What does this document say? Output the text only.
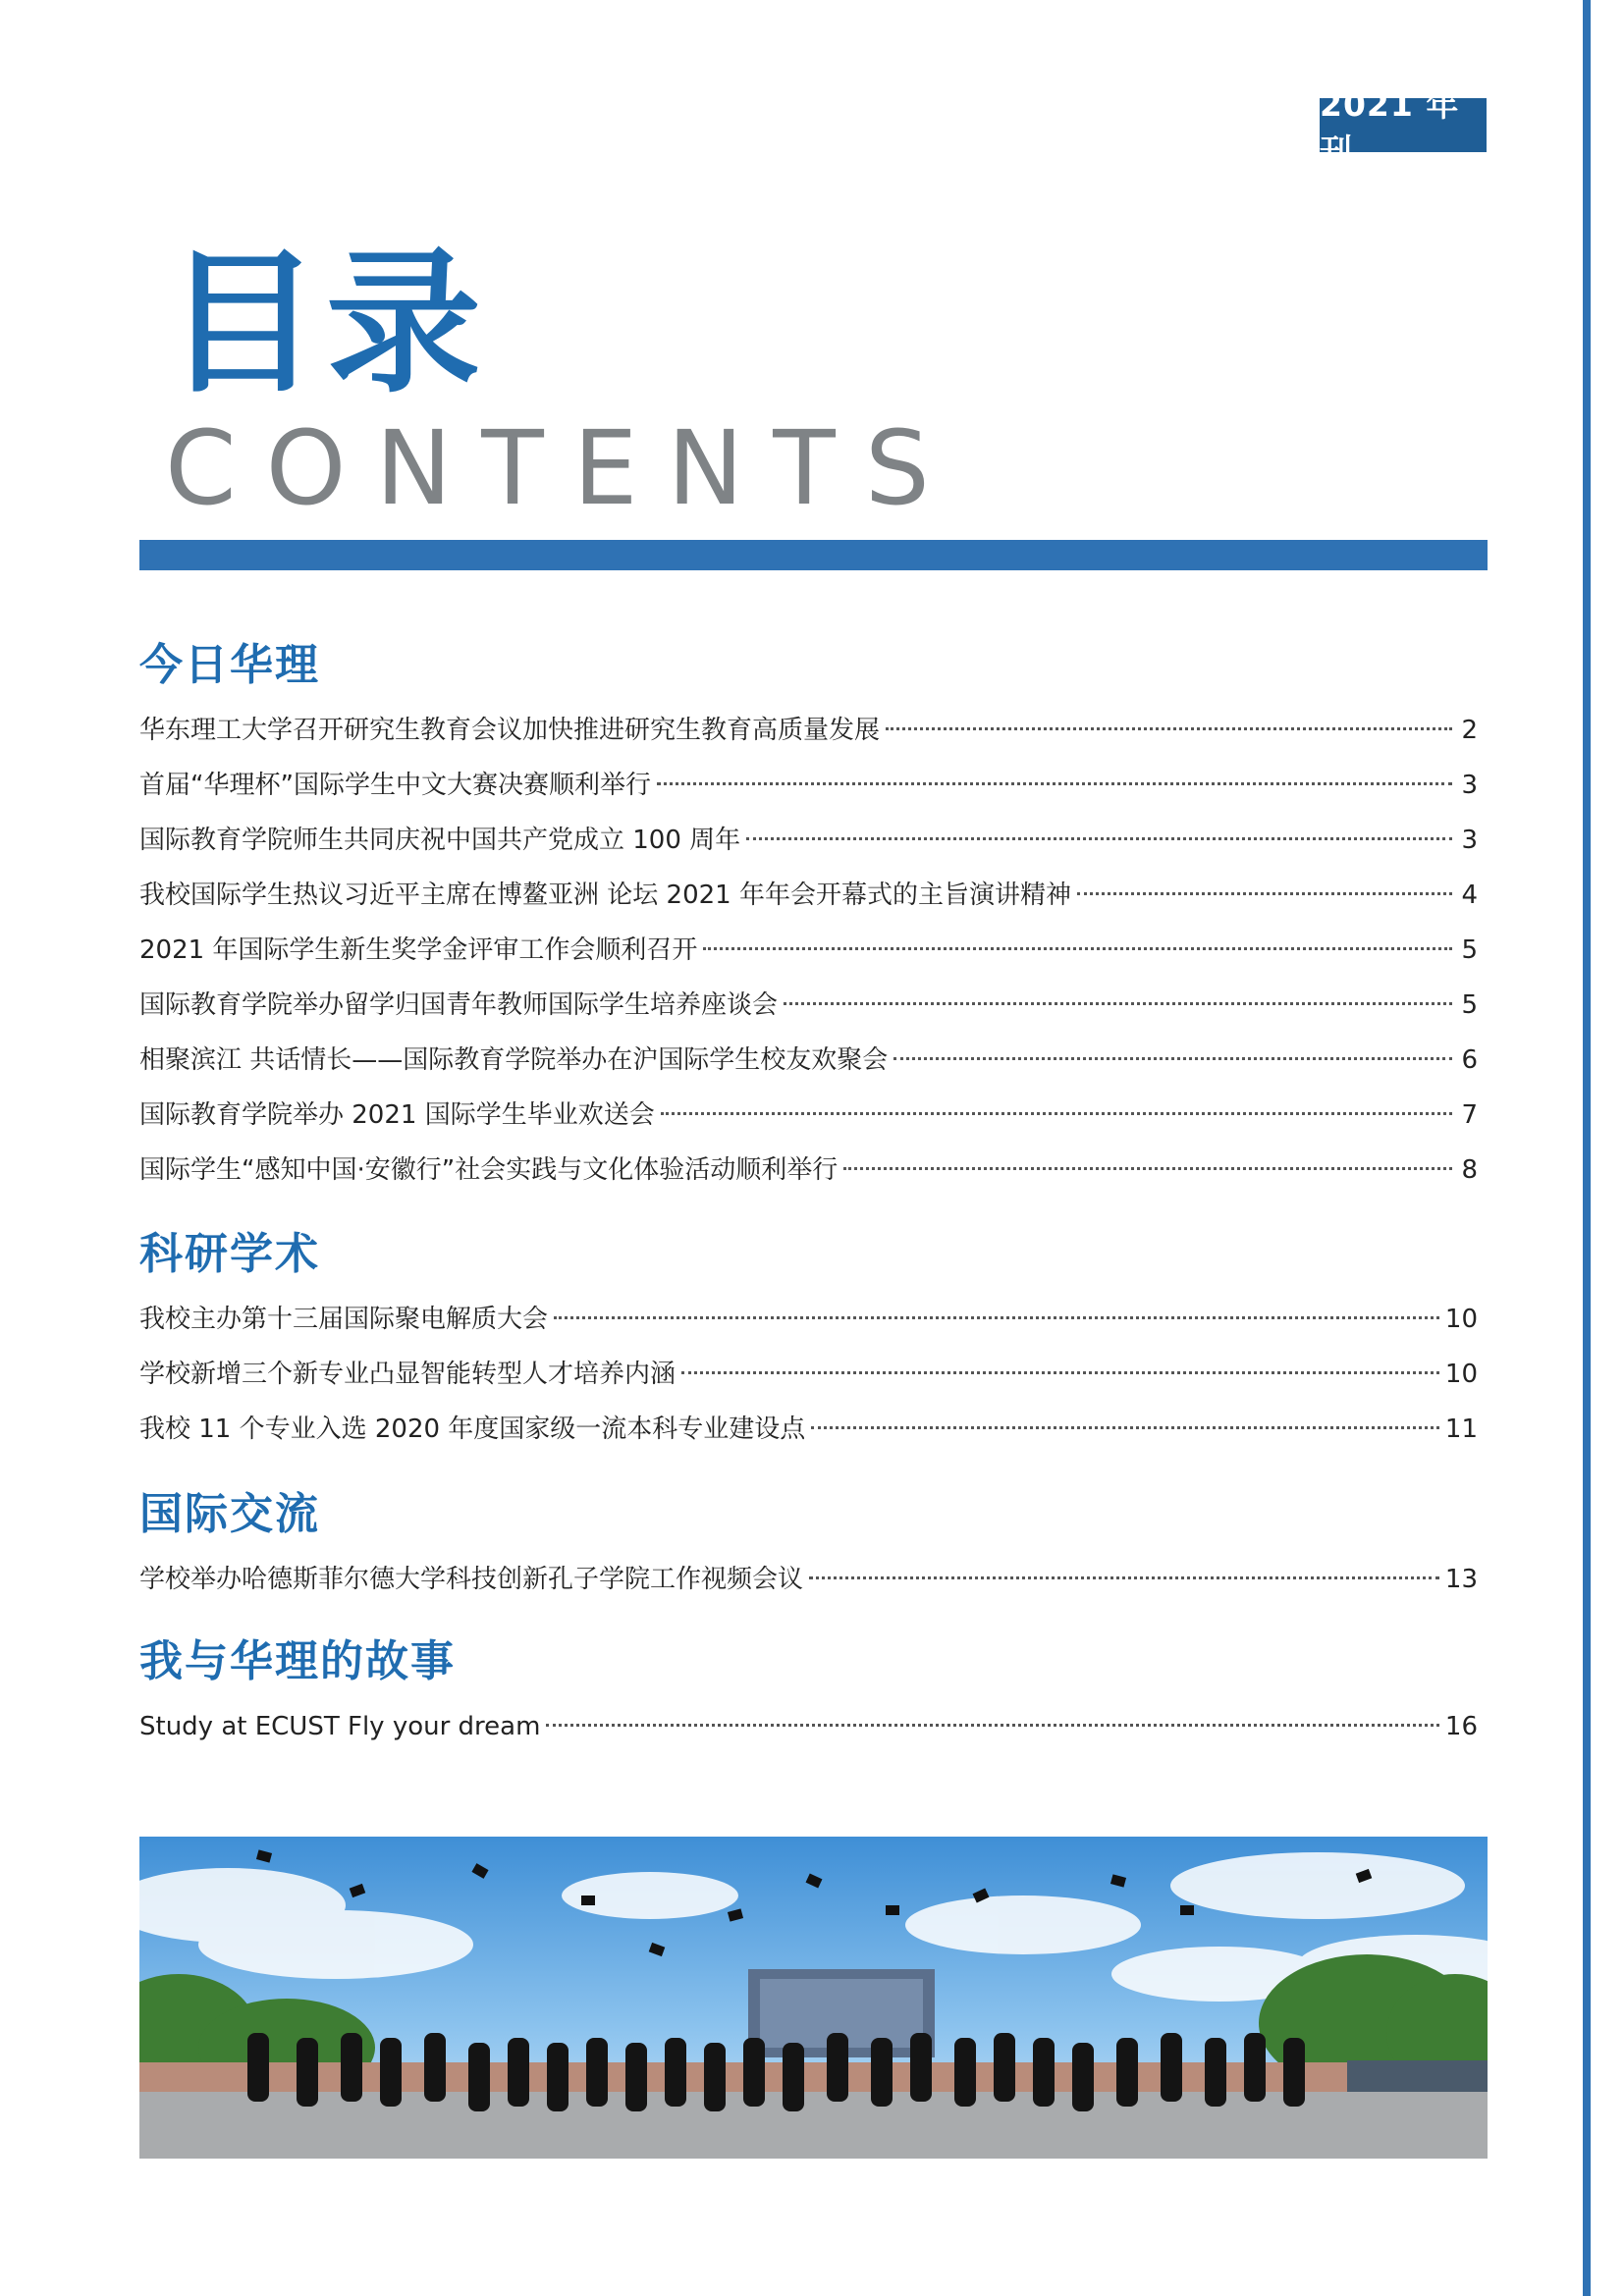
2021 年刊
目录
CONTENTS
今日华理
华东理工大学召开研究生教育会议加快推进研究生教育高质量发展	2
首届“华理杯”国际学生中文大赛决赛顺利举行	3
国际教育学院师生共同庆祝中国共产党成立 100 周年	3
我校国际学生热议习近平主席在博鳌亚洲 论坛 2021 年年会开幕式的主旨演讲精神	4
2021 年国际学生新生奖学金评审工作会顺利召开	5
国际教育学院举办留学归国青年教师国际学生培养座谈会	5
相聚滨江 共话情长——国际教育学院举办在沪国际学生校友欢聚会	6
国际教育学院举办 2021 国际学生毕业欢送会	7
国际学生“感知中国·安徽行”社会实践与文化体验活动顺利举行	8
科研学术
我校主办第十三届国际聚电解质大会	10
学校新增三个新专业凸显智能转型人才培养内涵	10
我校 11 个专业入选 2020 年度国家级一流本科专业建设点	11
国际交流
学校举办哈德斯菲尔德大学科技创新孔子学院工作视频会议	13
我与华理的故事
Study at ECUST Fly your dream	16
